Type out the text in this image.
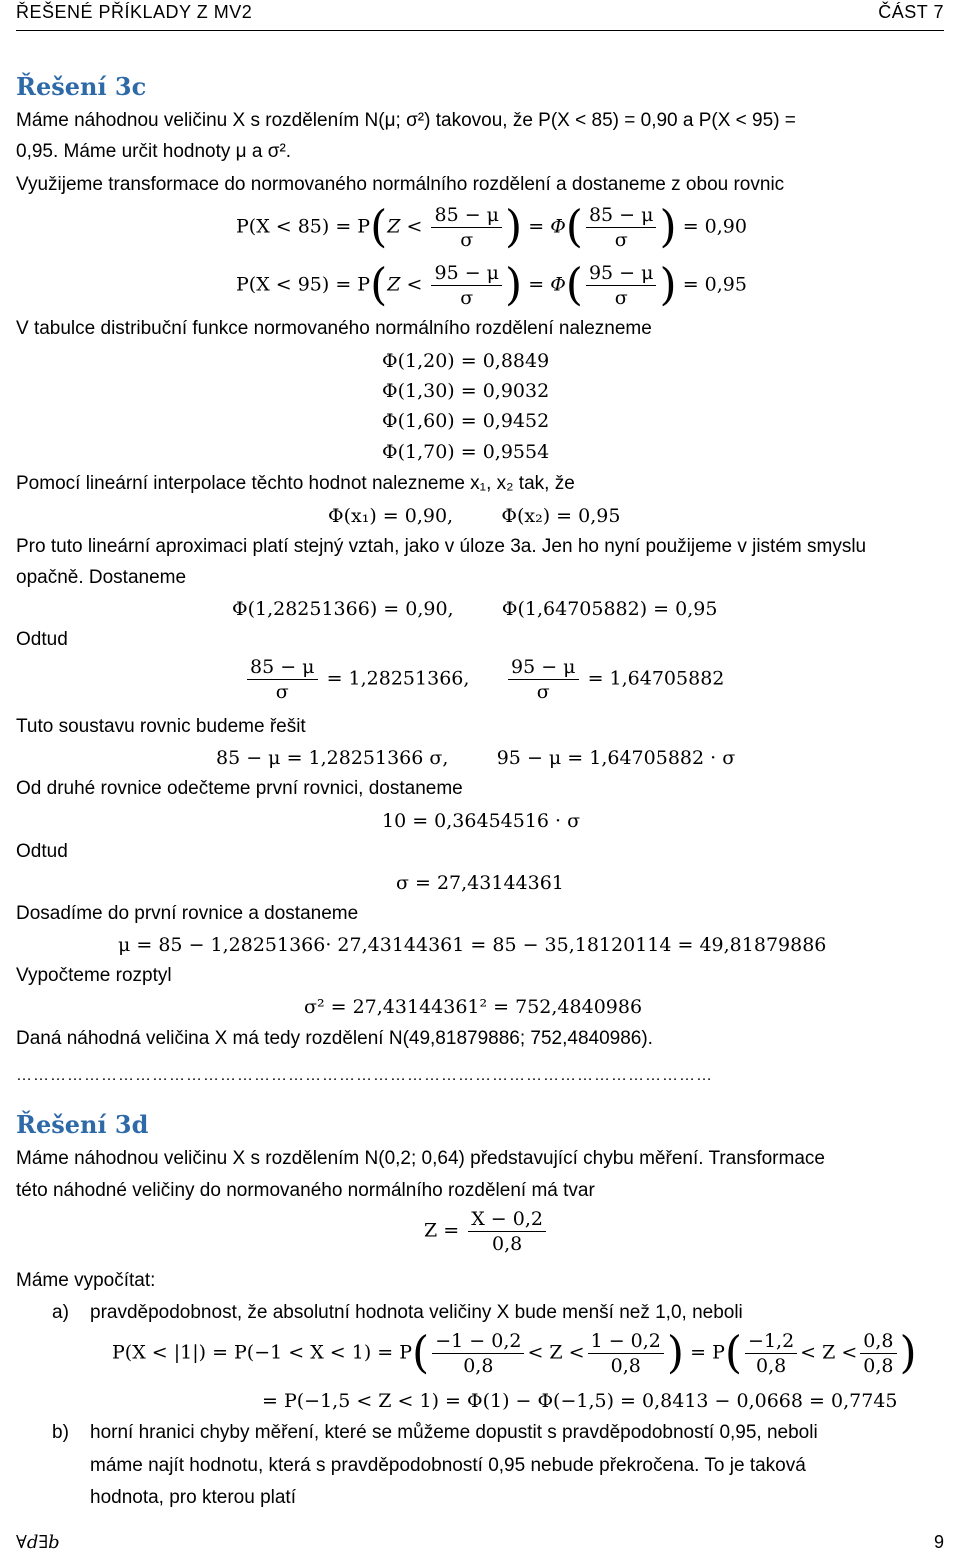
ŘEŠENÉ PŘÍKLADY Z MV2	ČÁST 7
Řešení 3c
Máme náhodnou veličinu X s rozdělením N(μ; σ²) takovou, že P(X < 85) = 0,90 a P(X < 95) =
0,95. Máme určit hodnoty μ a σ².
Využijeme transformace do normovaného normálního rozdělení a dostaneme z obou rovnic
$P(X < 85) = P(Z < \frac{85 - \mu}{\sigma}$ ) = $\Phi( \frac{85 - \mu}{\sigma}$ ) = 0,90
$P(X < 95) = P(Z < \frac{95 - \mu}{\sigma}$ ) = $\Phi( \frac{95 - \mu}{\sigma}$ ) = 0,95
V tabulce distribuční funkce normovaného normálního rozdělení nalezneme
Φ(1,20) = 0,8849
Φ(1,30) = 0,9032
Φ(1,60) = 0,9452
Φ(1,70) = 0,9554
Pomocí lineární interpolace těchto hodnot nalezneme x₁, x₂ tak, že
Φ(x₁) = 0,90,        Φ(x₂) = 0,95
Pro tuto lineární aproximaci platí stejný vztah, jako v úloze 3a. Jen ho nyní použijeme v jistém smyslu
opačně. Dostaneme
Φ(1,28251366) = 0,90,        Φ(1,64705882) = 0,95
Odtud
$\frac{85 - \mu}{\sigma} = 1,28251366$, $\frac{95 - \mu}{\sigma} = 1,64705882$
Tuto soustavu rovnic budeme řešit
85 − μ = 1,28251366 σ,        95 − μ = 1,64705882 · σ
Od druhé rovnice odečteme první rovnici, dostaneme
10 = 0,36454516 · σ
Odtud
σ = 27,43144361
Dosadíme do první rovnice a dostaneme
μ = 85 − 1,28251366· 27,43144361 = 85 − 35,18120114 = 49,81879886
Vypočteme rozptyl
σ² = 27,43144361² = 752,4840986
Daná náhodná veličina X má tedy rozdělení N(49,81879886; 752,4840986).
……………………………………………………………………………………………………………
Řešení 3d
Máme náhodnou veličinu X s rozdělením N(0,2; 0,64) představující chybu měření. Transformace
této náhodné veličiny do normovaného normálního rozdělení má tvar
$Z = \frac{X - 0,2}{0,8}$
Máme vypočítat:
a) pravděpodobnost, že absolutní hodnota veličiny X bude menší než 1,0, neboli
$P(X < |1|) = P(-1 < X < 1) = P( \frac{-1 - 0,2}{0,8} < Z < \frac{1 - 0,2}{0,8}$ ) = $P( \frac{-1,2}{0,8} < Z < \frac{0,8}{0,8}$ )
= P(−1,5 < Z < 1) = Φ(1) − Φ(−1,5) = 0,8413 − 0,0668 = 0,7745
b) horní hranici chyby měření, které se můžeme dopustit s pravděpodobností 0,95, neboli
máme najít hodnotu, která s pravděpodobností 0,95 nebude překročena. To je taková
hodnota, pro kterou platí
∀d∃b	9
